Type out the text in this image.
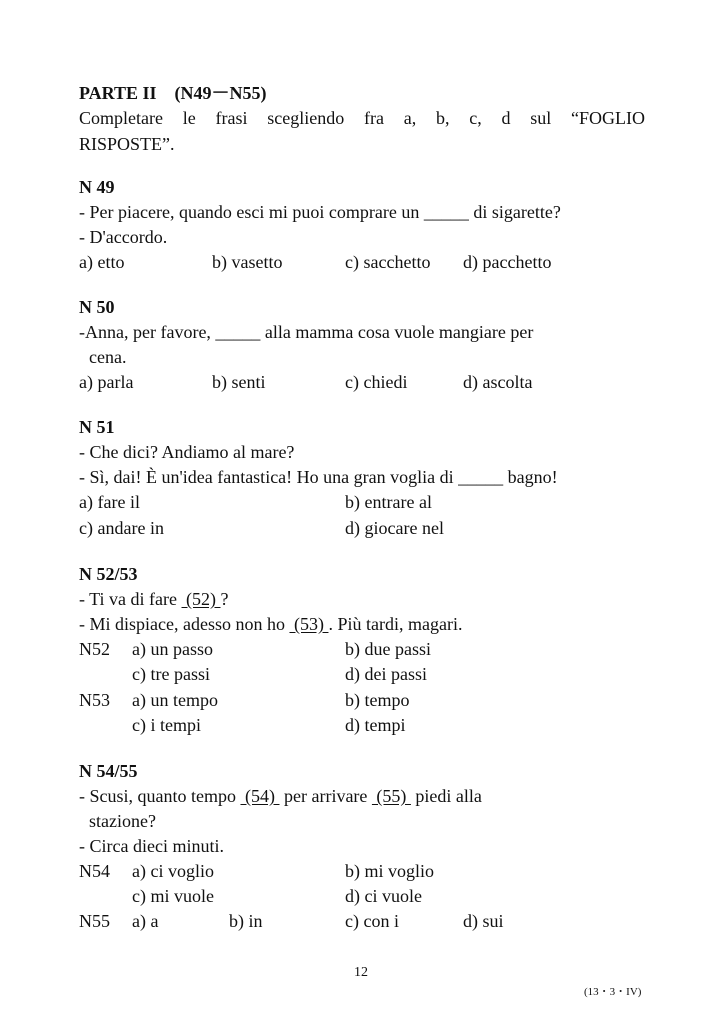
PARTE II　(N49－N55)
Completare le frasi scegliendo fra a, b, c, d sul “FOGLIO
RISPOSTE”.
N 49
- Per piacere, quando esci mi puoi comprare un _____ di sigarette?
- D'accordo.
a) etto	b) vasetto	c) sacchetto d) pacchetto
N 50
-Anna, per favore, _____ alla mamma cosa vuole mangiare per
cena.
a) parla	b) senti	c) chiedi	d) ascolta
N 51
- Che dici? Andiamo al mare?
- Sì, dai! È un'idea fantastica! Ho una gran voglia di _____ bagno!
a) fare il	b) entrare al
c) andare in	d) giocare nel
N 52/53
- Ti va di fare  (52) ?
- Mi dispiace, adesso non ho  (53) . Più tardi, magari.
N52 a) un passo	b) due passi
c) tre passi	d) dei passi
N53 a) un tempo	b) tempo
c) i tempi	d) tempi
N 54/55
- Scusi, quanto tempo  (54)  per arrivare  (55)  piedi alla
stazione?
- Circa dieci minuti.
N54 a) ci voglio	b) mi voglio
c) mi vuole	d) ci vuole
N55 a) a	b) in	c) con i	d) sui
12
(13・3・IV)
